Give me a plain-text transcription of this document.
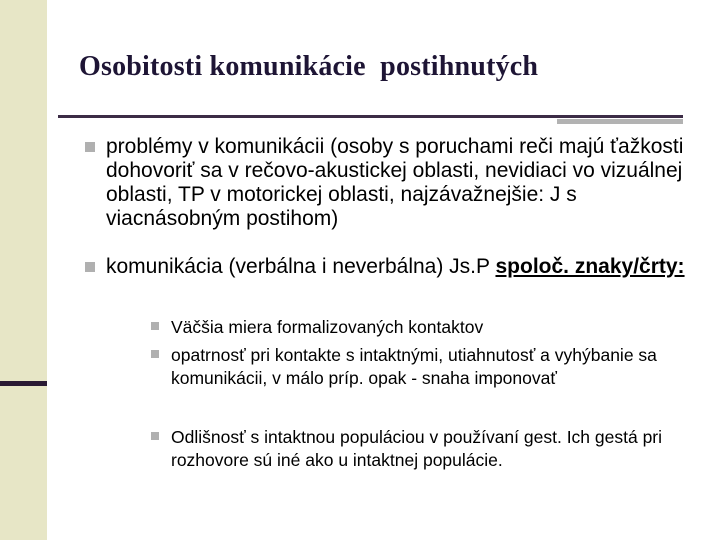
Osobitosti komunikácie  postihnutých
problémy v komunikácii (osoby s poruchami reči majú ťažkosti dohovoriť sa v rečovo-akustickej oblasti, nevidiaci vo vizuálnej oblasti, TP v motorickej oblasti, najzávažnejšie: J s viacnásobným postihom)
komunikácia (verbálna i neverbálna) Js.P spoloč. znaky/črty:
Väčšia miera formalizovaných kontaktov
opatrnosť pri kontakte s intaktnými, utiahnutosť a vyhýbanie sa komunikácii, v málo príp. opak - snaha imponovať
Odlišnosť s intaktnou populáciou v používaní gest. Ich gestá pri rozhovore sú iné ako u intaktnej populácie.
